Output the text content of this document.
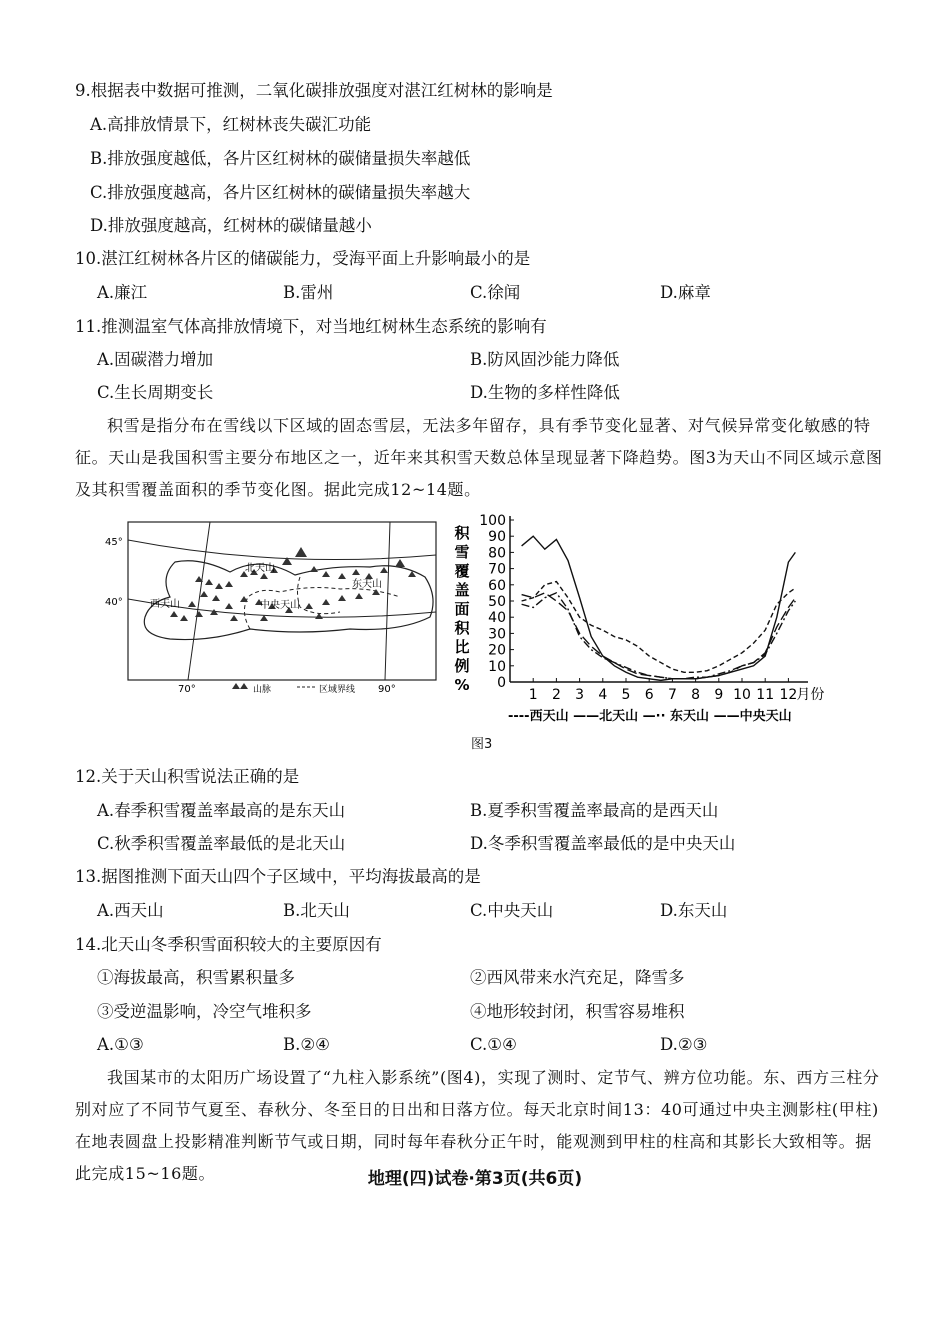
9.根据表中数据可推测，二氧化碳排放强度对湛江红树林的影响是
A.高排放情景下，红树林丧失碳汇功能
B.排放强度越低，各片区红树林的碳储量损失率越低
C.排放强度越高，各片区红树林的碳储量损失率越大
D.排放强度越高，红树林的碳储量越小
10.湛江红树林各片区的储碳能力，受海平面上升影响最小的是
A.廉江	B.雷州	C.徐闻	D.麻章
11.推测温室气体高排放情境下，对当地红树林生态系统的影响有
A.固碳潜力增加	B.防风固沙能力降低
C.生长周期变长	D.生物的多样性降低
积雪是指分布在雪线以下区域的固态雪层，无法多年留存，具有季节变化显著、对气候异常变化敏感的特征。天山是我国积雪主要分布地区之一，近年来其积雪天数总体呈现显著下降趋势。图3为天山不同区域示意图及其积雪覆盖面积的季节变化图。据此完成12~14题。
45°
40°
70°	90°
北天山
东天山
西天山	中央天山
山脉	区域界线
积
雪
覆
盖
面
积
比
例
% 0
10
20
30
40
50
60
70
80
90
100
1 2 3 4 5 6 7 8 9 10 11 12 月份
----西天山 ——北天山 —·· 东天山 ——中央天山
图3
12.关于天山积雪说法正确的是
A.春季积雪覆盖率最高的是东天山	B.夏季积雪覆盖率最高的是西天山
C.秋季积雪覆盖率最低的是北天山	D.冬季积雪覆盖率最低的是中央天山
13.据图推测下面天山四个子区域中，平均海拔最高的是
A.西天山	B.北天山	C.中央天山	D.东天山
14.北天山冬季积雪面积较大的主要原因有
①海拔最高，积雪累积量多	②西风带来水汽充足，降雪多
③受逆温影响，冷空气堆积多	④地形较封闭，积雪容易堆积
A.①③	B.②④	C.①④	D.②③
我国某市的太阳历广场设置了“九柱入影系统”(图4)，实现了测时、定节气、辨方位功能。东、西方三柱分别对应了不同节气夏至、春秋分、冬至日的日出和日落方位。每天北京时间13：40可通过中央主测影柱(甲柱)在地表圆盘上投影精准判断节气或日期，同时每年春秋分正午时，能观测到甲柱的柱高和其影长大致相等。据此完成15~16题。	地理(四)试卷·第3页(共6页)
